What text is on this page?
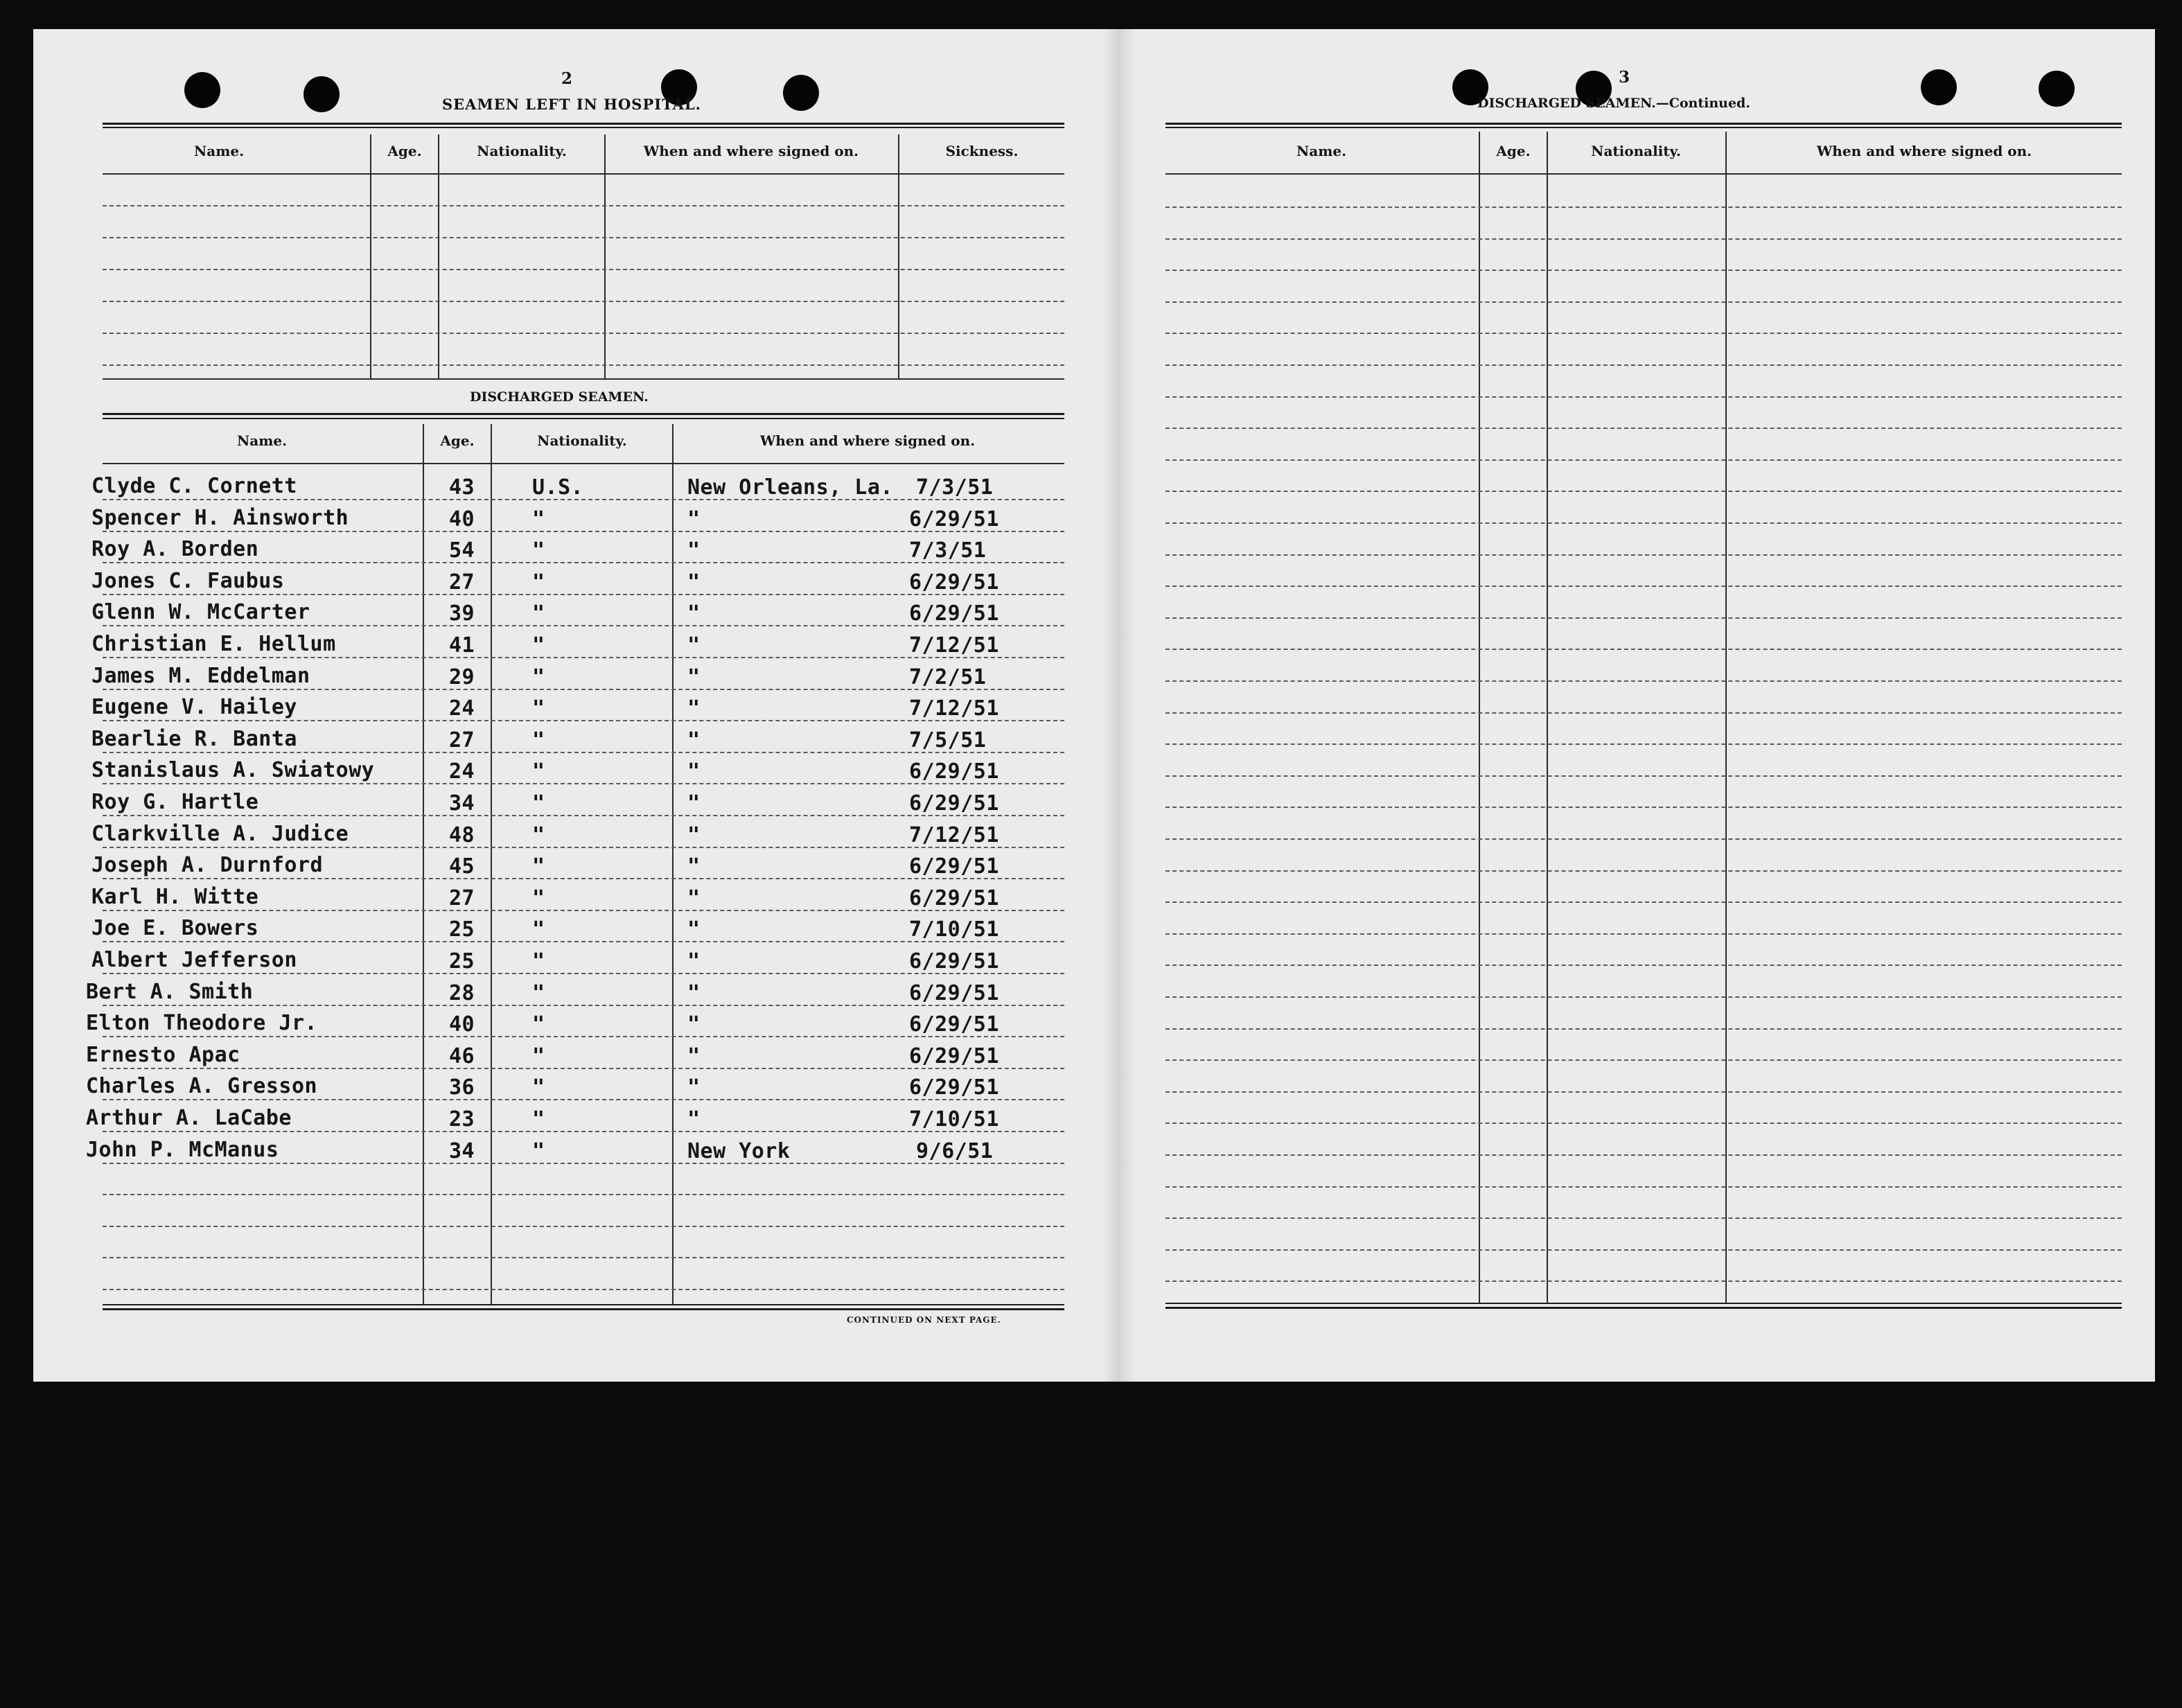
2
SEAMEN LEFT IN HOSPITAL.
Name.	Age.	Nationality.	When and where signed on.	Sickness.
DISCHARGED SEAMEN.
Name.	Age.	Nationality.	When and where signed on.
Clyde C. Cornett	43	U.S.	New Orleans, La. 7/3/51
Spencer H. Ainsworth	40	"	"	6/29/51
Roy A. Borden	54	"	"	7/3/51
Jones C. Faubus	27	"	"	6/29/51
Glenn W. McCarter	39	"	"	6/29/51
Christian E. Hellum	41	"	"	7/12/51
James M. Eddelman	29	"	"	7/2/51
Eugene V. Hailey	24	"	"	7/12/51
Bearlie R. Banta	27	"	"	7/5/51
Stanislaus A. Swiatowy	24	"	"	6/29/51
Roy G. Hartle	34	"	"	6/29/51
Clarkville A. Judice	48	"	"	7/12/51
Joseph A. Durnford	45	"	"	6/29/51
Karl H. Witte	27	"	"	6/29/51
Joe E. Bowers	25	"	"	7/10/51
Albert Jefferson	25	"	"	6/29/51
Bert A. Smith	28	"	"	6/29/51
Elton Theodore Jr.	40	"	"	6/29/51
Ernesto Apac	46	"	"	6/29/51
Charles A. Gresson	36	"	"	6/29/51
Arthur A. LaCabe	23	"	"	7/10/51
John P. McManus	34	"	New York	9/6/51
CONTINUED ON NEXT PAGE.
3
DISCHARGED SEAMEN.—Continued.
Name.	Age.	Nationality.	When and where signed on.
